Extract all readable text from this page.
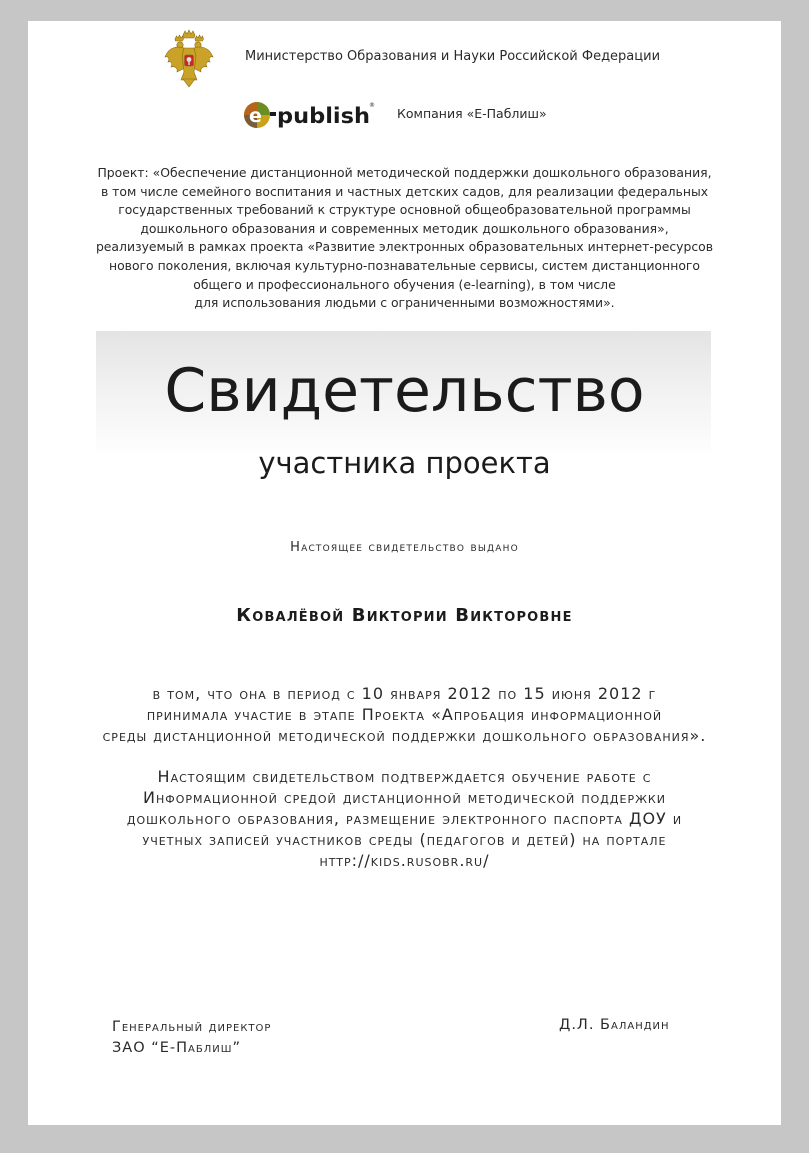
Министерство Образования и Науки Российской Федерации
e publish ®
Компания «Е-Паблиш»
Проект: «Обеспечение дистанционной методической поддержки дошкольного образования,
в том числе семейного воспитания и частных детских садов, для реализации федеральных
государственных требований к структуре основной общеобразовательной программы
дошкольного образования и современных методик дошкольного образования»,
реализуемый в рамках проекта «Развитие электронных образовательных интернет-ресурсов
нового поколения, включая культурно-познавательные сервисы, систем дистанционного
общего и профессионального обучения (e-learning), в том числе
для использования людьми с ограниченными возможностями».
Свидетельство
участника проекта
Настоящее свидетельство выдано
Ковалёвой Виктории Викторовне
в том, что она в период с 10 января 2012 по 15 июня 2012 г
принимала участие в этапе Проекта «Апробация информационной
среды дистанционной методической поддержки дошкольного образования».
Настоящим свидетельством подтверждается обучение работе с
Информационной средой дистанционной методической поддержки
дошкольного образования, размещение электронного паспорта ДОУ и
учетных записей участников среды (педагогов и детей) на портале
http://kids.rusobr.ru/
Генеральный директор
ЗАО “Е-Паблиш”
Д.Л. Баландин
